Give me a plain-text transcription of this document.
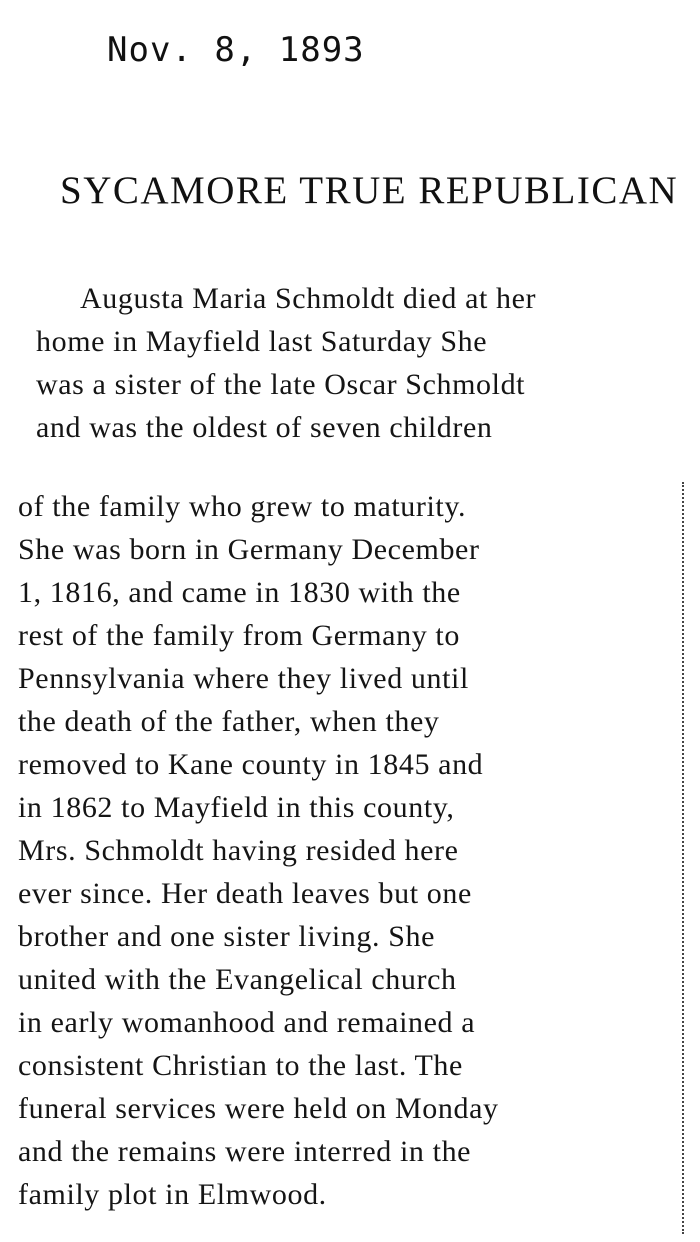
Nov. 8, 1893
SYCAMORE TRUE REPUBLICAN
Augusta Maria Schmoldt died at her
home in Mayfield last Saturday She
was a sister of the late Oscar Schmoldt
and was the oldest of seven children
of the family who grew to maturity.
She was born in Germany December
1, 1816, and came in 1830 with the
rest of the family from Germany to
Pennsylvania where they lived until
the death of the father, when they
removed to Kane county in 1845 and
in 1862 to Mayfield in this county,
Mrs. Schmoldt having resided here
ever since. Her death leaves but one
brother and one sister living. She
united with the Evangelical church
in early womanhood and remained a
consistent Christian to the last. The
funeral services were held on Monday
and the remains were interred in the
family plot in Elmwood.
